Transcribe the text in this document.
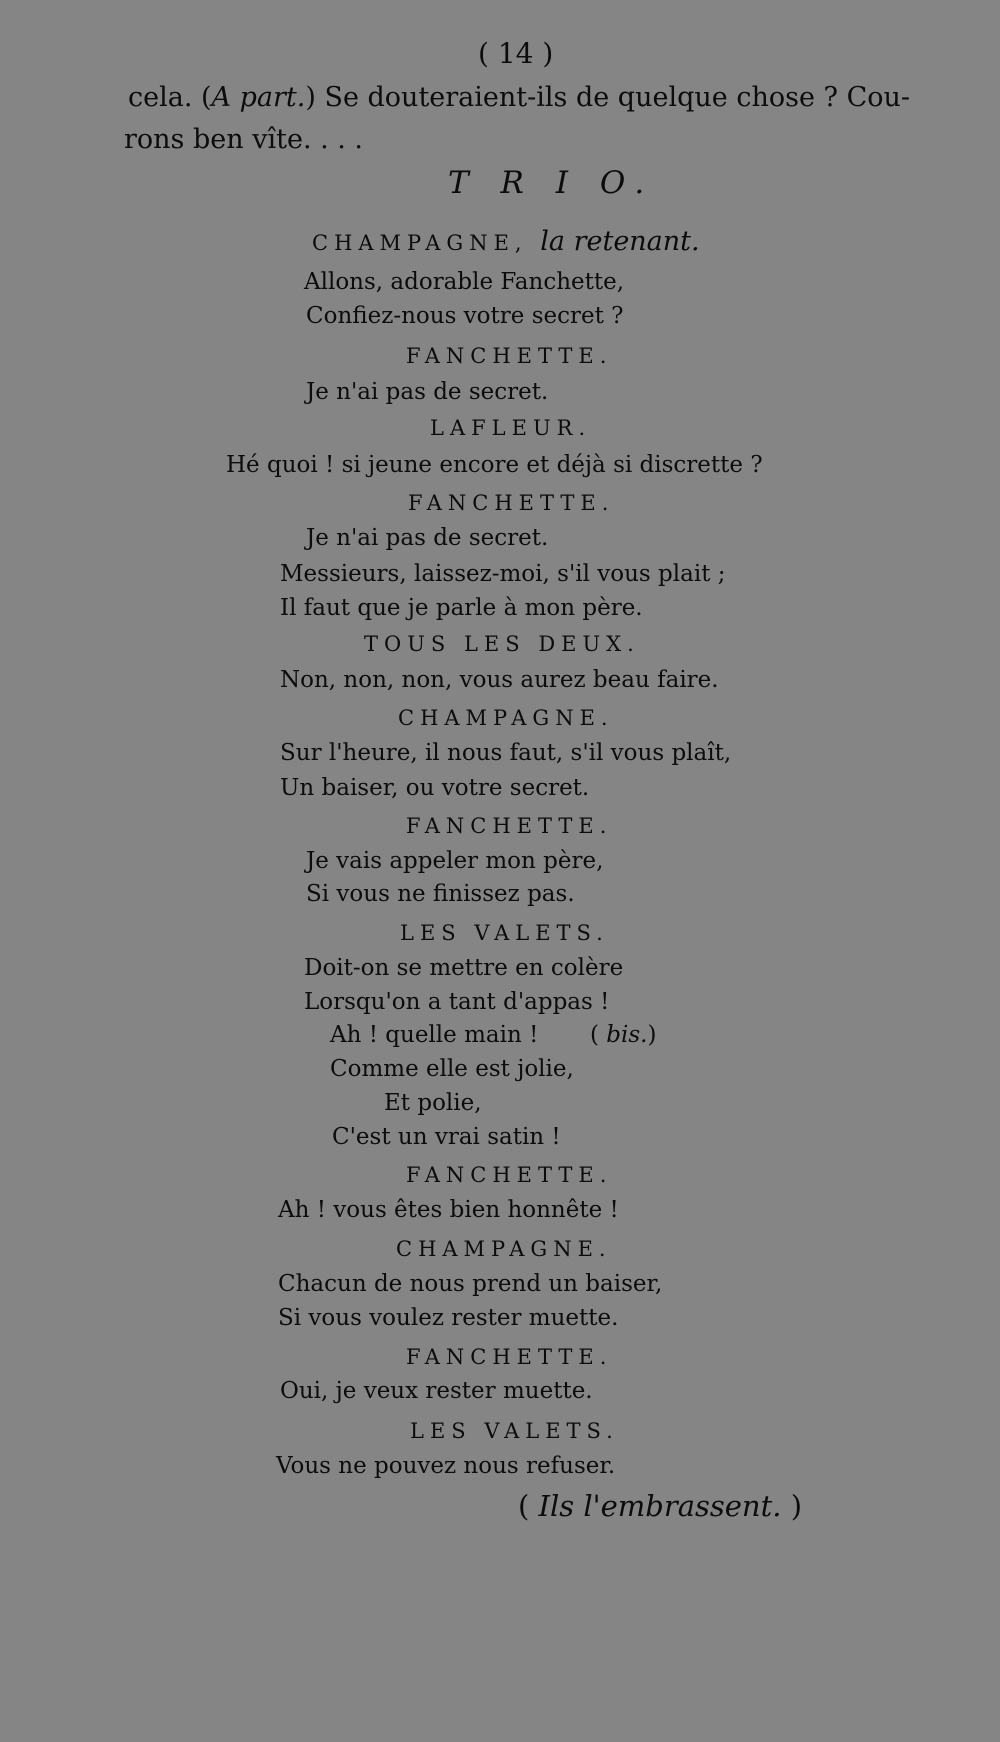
( 14 )
cela. (A part.) Se douteraient-ils de quelque chose ? Cou-
rons ben vîte. . . .
T R I O.
CHAMPAGNE, la retenant.
Allons, adorable Fanchette,
Confiez-nous votre secret ?
FANCHETTE.
Je n'ai pas de secret.
LAFLEUR.
Hé quoi ! si jeune encore et déjà si discrette ?
FANCHETTE.
Je n'ai pas de secret.
Messieurs, laissez-moi, s'il vous plait ;
Il faut que je parle à mon père.
TOUS LES DEUX.
Non, non, non, vous aurez beau faire.
CHAMPAGNE.
Sur l'heure, il nous faut, s'il vous plaît,
Un baiser, ou votre secret.
FANCHETTE.
Je vais appeler mon père,
Si vous ne finissez pas.
LES VALETS.
Doit-on se mettre en colère
Lorsqu'on a tant d'appas !
Ah ! quelle main ! ( bis.)
Comme elle est jolie,
Et polie,
C'est un vrai satin !
FANCHETTE.
Ah ! vous êtes bien honnête !
CHAMPAGNE.
Chacun de nous prend un baiser,
Si vous voulez rester muette.
FANCHETTE.
Oui, je veux rester muette.
LES VALETS.
Vous ne pouvez nous refuser.
( Ils l'embrassent. )
